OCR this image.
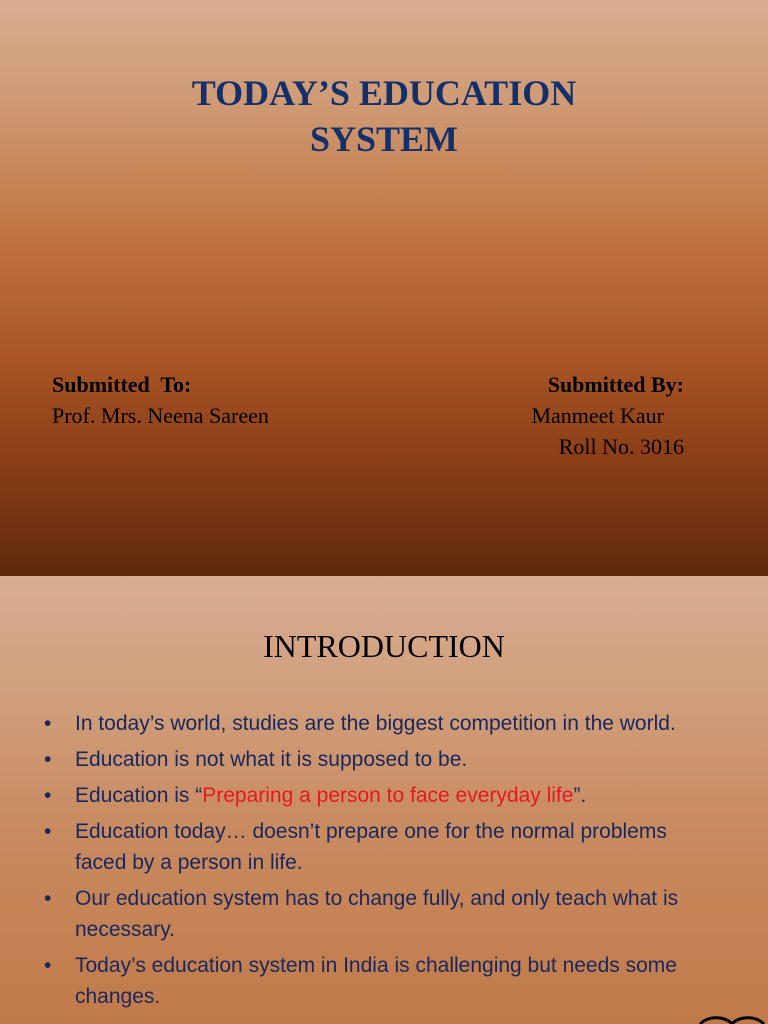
TODAY’S EDUCATION
SYSTEM
Submitted  To:
Prof. Mrs. Neena Sareen
Submitted By:
Manmeet Kaur
Roll No. 3016
INTRODUCTION
• In today’s world, studies are the biggest competition in the world.
• Education is not what it is supposed to be.
• Education is “Preparing a person to face everyday life”.
• Education today… doesn’t prepare one for the normal problems faced by a person in life.
• Our education system has to change fully, and only teach what is necessary.
• Today’s education system in India is challenging but needs some changes.
